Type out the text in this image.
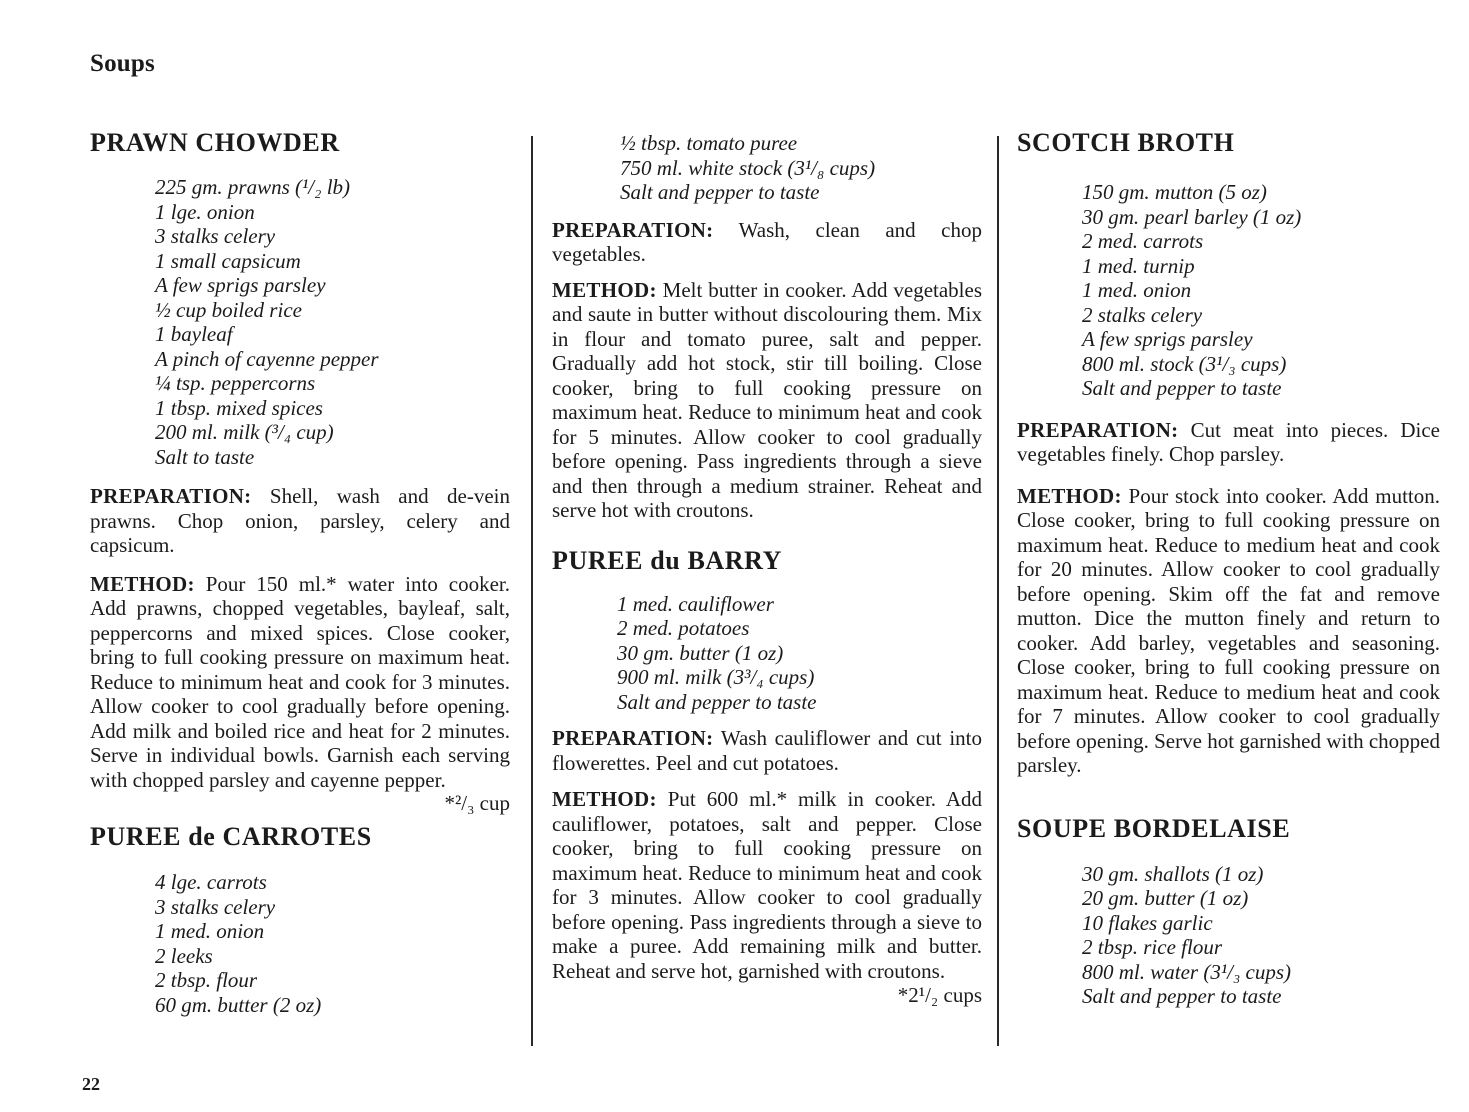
Soups
PRAWN CHOWDER
225 gm. prawns (¹/₂ lb)
1 lge. onion
3 stalks celery
1 small capsicum
A few sprigs parsley
½ cup boiled rice
1 bayleaf
A pinch of cayenne pepper
¼ tsp. peppercorns
1 tbsp. mixed spices
200 ml. milk (³/₄ cup)
Salt to taste

PREPARATION: Shell, wash and de-vein prawns. Chop onion, parsley, celery and capsicum.

METHOD: Pour 150 ml.* water into cooker. Add prawns, chopped vegetables, bayleaf, salt, peppercorns and mixed spices. Close cooker, bring to full cooking pressure on maximum heat. Reduce to minimum heat and cook for 3 minutes. Allow cooker to cool gradually before opening. Add milk and boiled rice and heat for 2 minutes. Serve in individual bowls. Garnish each serving with chopped parsley and cayenne pepper.

*²/₃ cup

PUREE de CARROTES
4 lge. carrots
3 stalks celery
1 med. onion
2 leeks
2 tbsp. flour
60 gm. butter (2 oz)
½ tbsp. tomato puree
750 ml. white stock (3¹/₈ cups)
Salt and pepper to taste

PREPARATION: Wash, clean and chop vegetables.

METHOD: Melt butter in cooker. Add vegetables and saute in butter without discolouring them. Mix in flour and tomato puree, salt and pepper. Gradually add hot stock, stir till boiling. Close cooker, bring to full cooking pressure on maximum heat. Reduce to minimum heat and cook for 5 minutes. Allow cooker to cool gradually before opening. Pass ingredients through a sieve and then through a medium strainer. Reheat and serve hot with croutons.

PUREE du BARRY
1 med. cauliflower
2 med. potatoes
30 gm. butter (1 oz)
900 ml. milk (3³/₄ cups)
Salt and pepper to taste

PREPARATION: Wash cauliflower and cut into flowerettes. Peel and cut potatoes.

METHOD: Put 600 ml.* milk in cooker. Add cauliflower, potatoes, salt and pepper. Close cooker, bring to full cooking pressure on maximum heat. Reduce to minimum heat and cook for 3 minutes. Allow cooker to cool gradually before opening. Pass ingredients through a sieve to make a puree. Add remaining milk and butter. Reheat and serve hot, garnished with croutons.
*2¹/₂ cups

SCOTCH BROTH
150 gm. mutton (5 oz)
30 gm. pearl barley (1 oz)
2 med. carrots
1 med. turnip
1 med. onion
2 stalks celery
A few sprigs parsley
800 ml. stock (3¹/₃ cups)
Salt and pepper to taste

PREPARATION: Cut meat into pieces. Dice vegetables finely. Chop parsley.

METHOD: Pour stock into cooker. Add mutton. Close cooker, bring to full cooking pressure on maximum heat. Reduce to medium heat and cook for 20 minutes. Allow cooker to cool gradually before opening. Skim off the fat and remove mutton. Dice the mutton finely and return to cooker. Add barley, vegetables and seasoning. Close cooker, bring to full cooking pressure on maximum heat. Reduce to medium heat and cook for 7 minutes. Allow cooker to cool gradually before opening. Serve hot garnished with chopped parsley.

SOUPE BORDELAISE
30 gm. shallots (1 oz)
20 gm. butter (1 oz)
10 flakes garlic
2 tbsp. rice flour
800 ml. water (3¹/₃ cups)
Salt and pepper to taste
22
